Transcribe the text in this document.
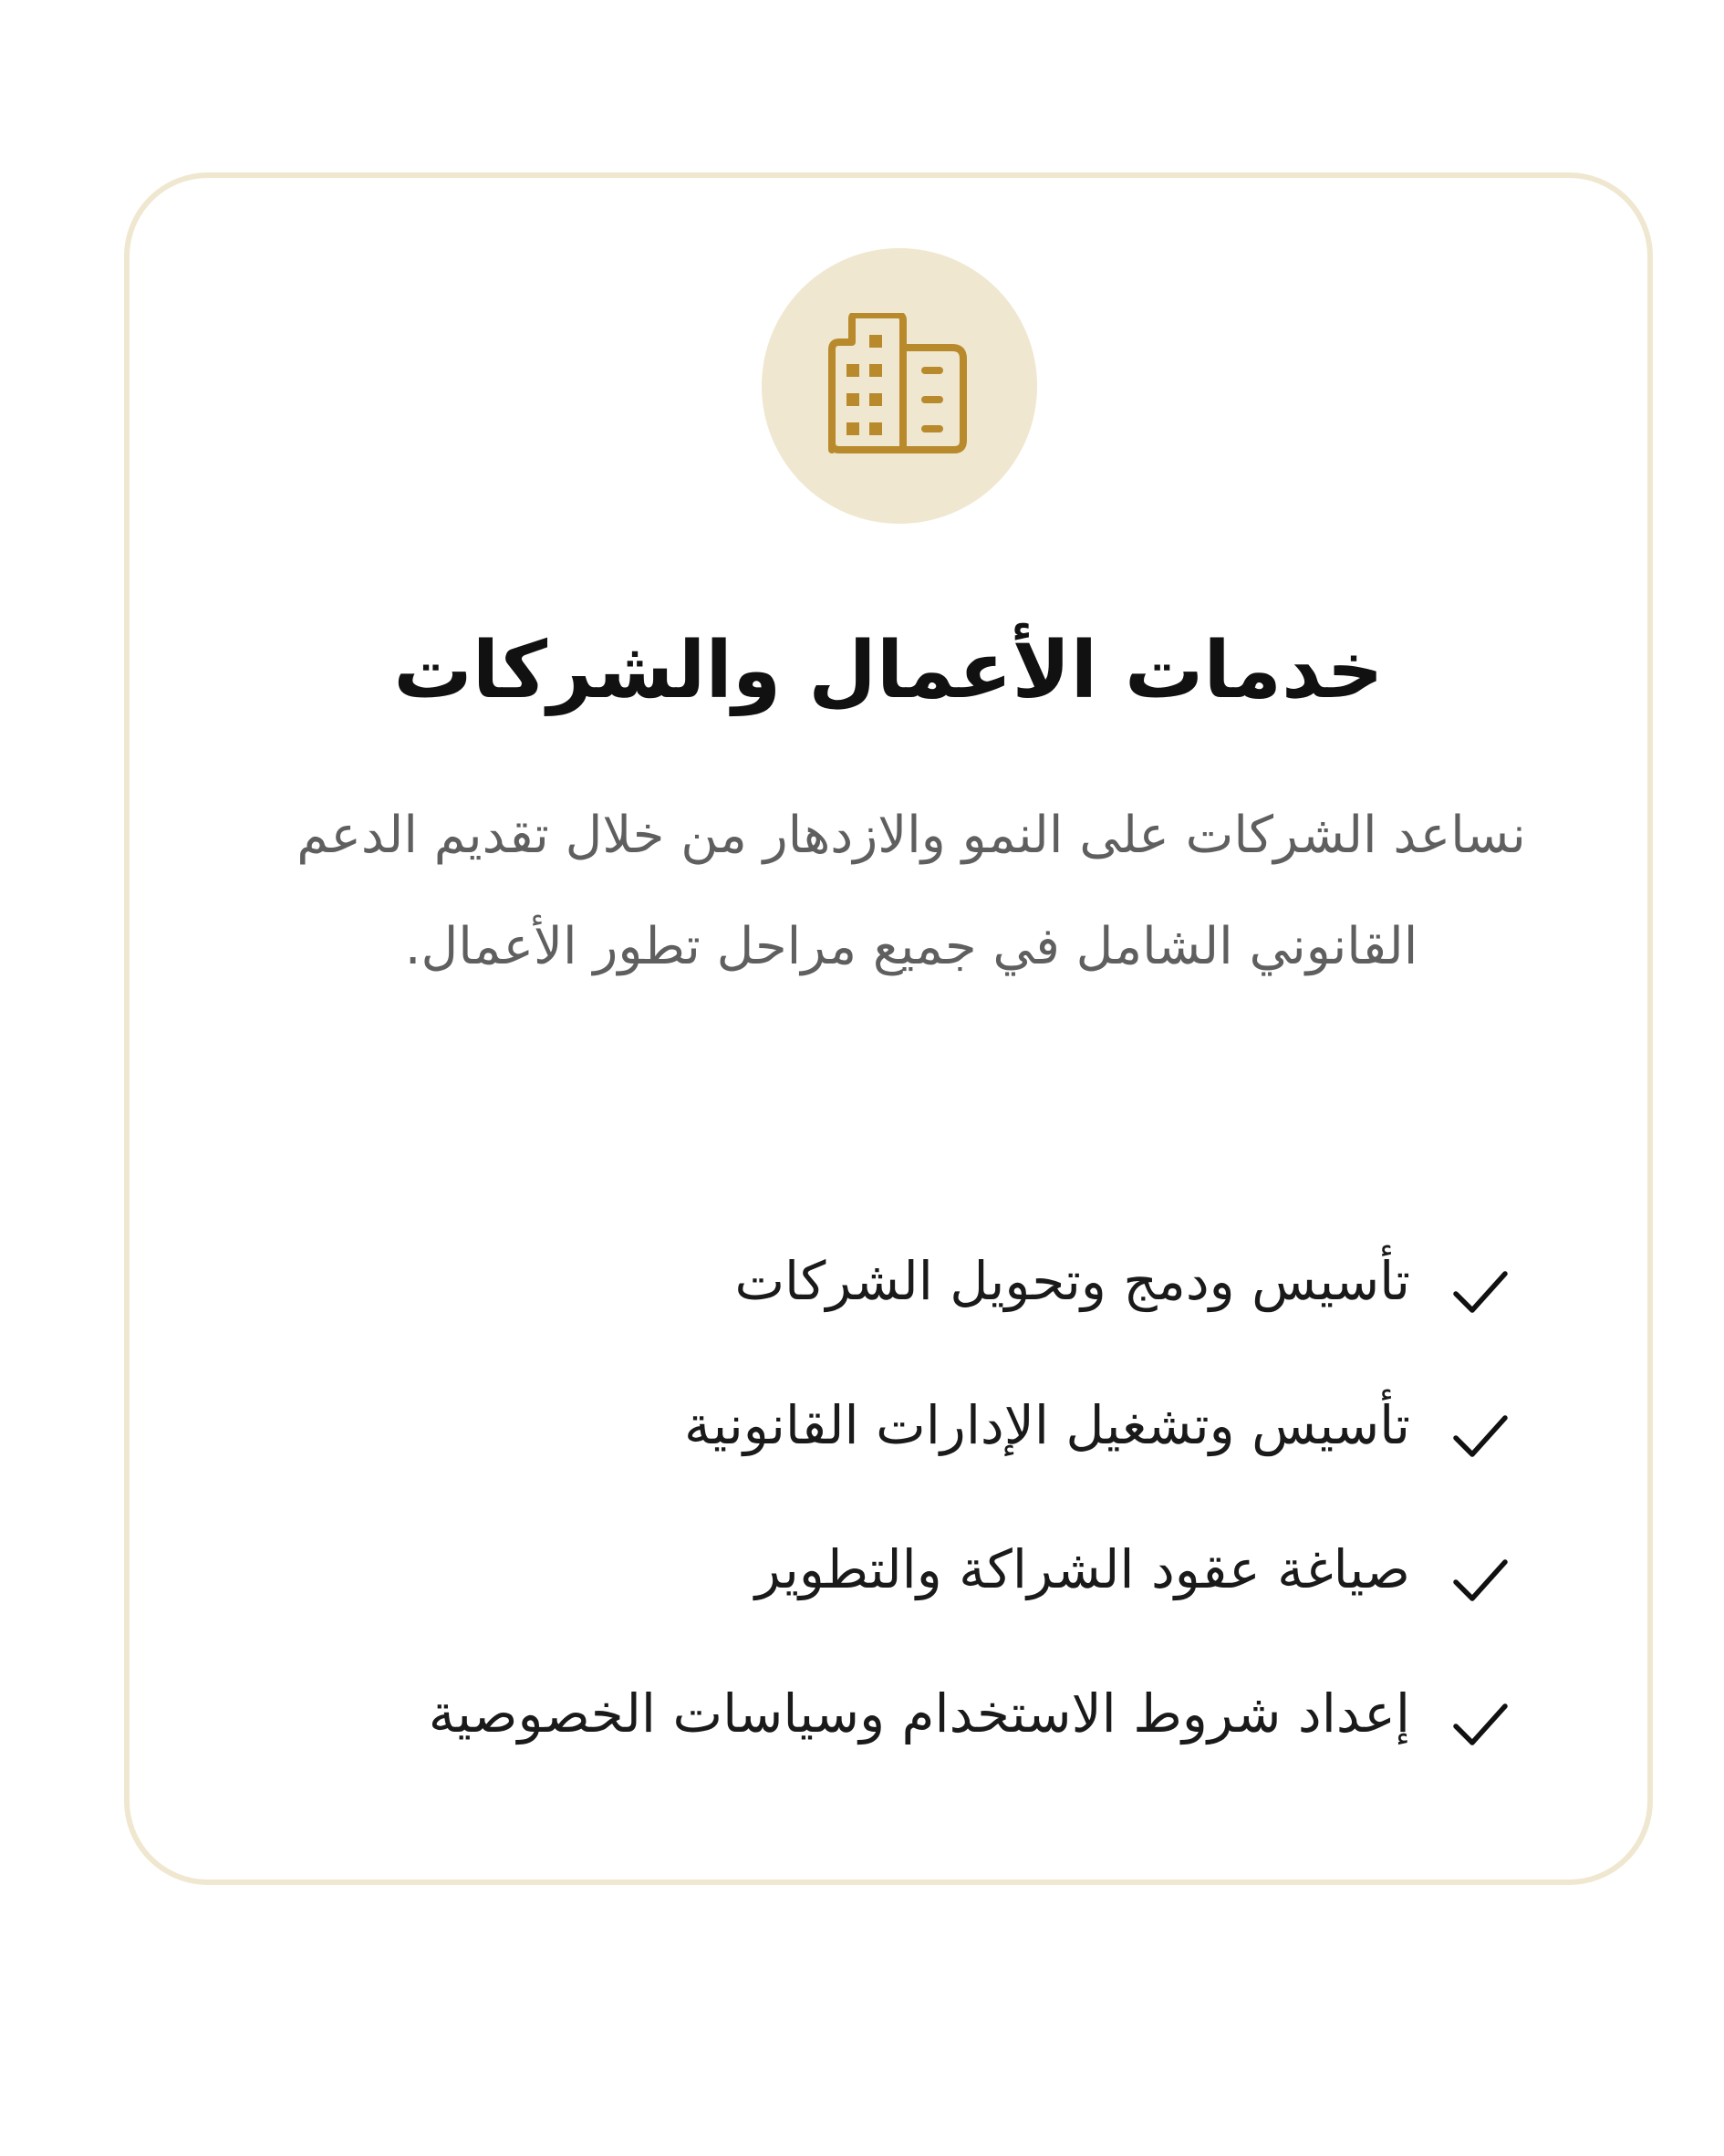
خدمات الأعمال والشركات

نساعد الشركات على النمو والازدهار من خلال تقديم الدعم القانوني الشامل في جميع مراحل تطور الأعمال.

تأسيس ودمج وتحويل الشركات
تأسيس وتشغيل الإدارات القانونية
صياغة عقود الشراكة والتطوير
إعداد شروط الاستخدام وسياسات الخصوصية
